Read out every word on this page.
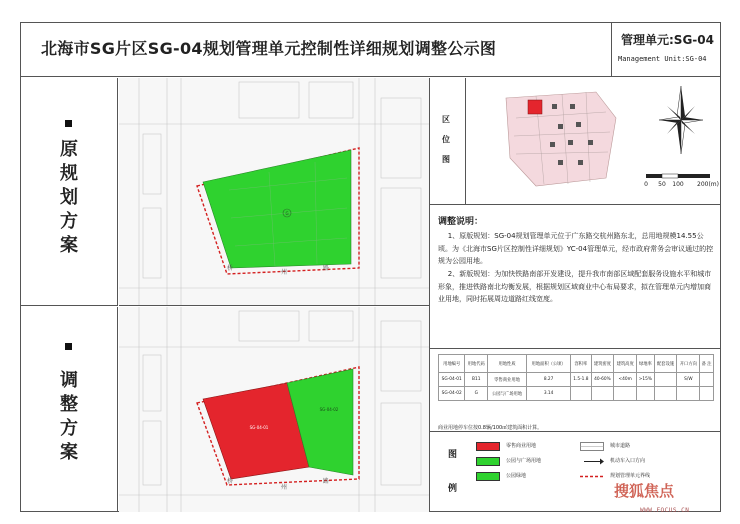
北海市SG片区SG-04规划管理单元控制性详细规划调整公示图	管理单元:SG-04
Management Unit:SG-04
原
规
划
方
案
调
整
方
案
G
桥
州
路
SG-04-01
SG-04-02
桥
州
路
区
位
图
0 50 100 200(m)
调整说明：
1、原版规划：SG-04规划管理单元位于广东路交杭州路东北，总用地规模14.55公顷。为《北海市SG片区控制性详细规划》YC-04管理单元，经市政府常务会审议通过的控规为公园用地。
2、新版规划：为加快铁路南部开发建设，提升我市南部区域配套服务设施水平和城市形象，推进铁路南北均衡发展，根据规划区域商业中心布局要求，拟在管理单元内增加商业用地，同时拓展周边道路红线宽度。
用地编号	用地代码	用地性质	用地面积（公顷）	容积率	建筑密度	建筑高度	绿地率	配套设施	开口方向	备 注
SG-04-01	B11	零售商业用地	8.27	1.5-1.8	40-60%	<40m	>15%		S/W	
SG-04-02	G	公园与广场用地	3.14							
商业用地停车位按0.8辆/100㎡建筑面积计算。
图
例
零售商业用地
公园与广场用地
公园绿地
城市道路
机动车入口方向
规划管理单元界线
搜狐焦点
WWW.FOCUS.CN
